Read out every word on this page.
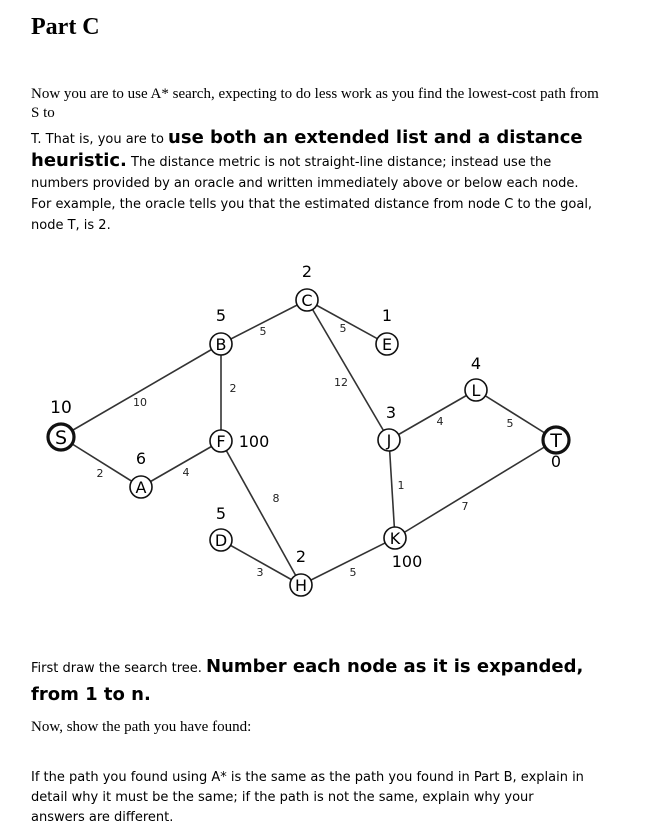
Part C

Now you are to use A* search, expecting to do less work as you find the lowest-cost path from S to

T. That is, you are to use both an extended list and a distance heuristic. The distance metric is not straight-line distance; instead use the numbers provided by an oracle and written immediately above or below each node. For example, the oracle tells you that the estimated distance from node C to the goal, node T, is 2.

10
2	4
2
5	5
12
8
3	5
1
4	5
7
S
10
A
6
B
5
C
2
E
1
F 100
D
5
H
2
J
3
K
100
L
4
T
0

First draw the search tree. Number each node as it is expanded, from 1 to n.

Now, show the path you have found:

If the path you found using A* is the same as the path you found in Part B, explain in detail why it must be the same; if the path is not the same, explain why your answers are different.
